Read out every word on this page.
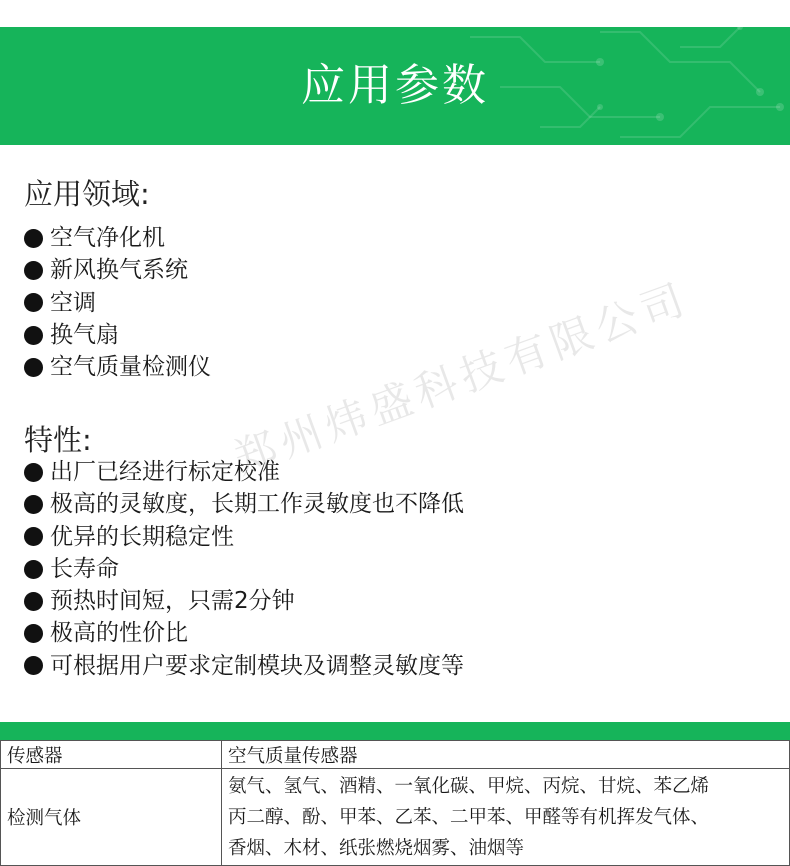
应用参数
应用领域:
空气净化机
新风换气系统
空调
换气扇
空气质量检测仪
特性:
出厂已经进行标定校准
极高的灵敏度，长期工作灵敏度也不降低
优异的长期稳定性
长寿命
预热时间短，只需2分钟
极高的性价比
可根据用户要求定制模块及调整灵敏度等
郑州炜盛科技有限公司
传感器	空气质量传感器
检测气体	氨气、氢气、酒精、一氧化碳、甲烷、丙烷、甘烷、苯乙烯
丙二醇、酚、甲苯、乙苯、二甲苯、甲醛等有机挥发气体、
香烟、木材、纸张燃烧烟雾、油烟等
